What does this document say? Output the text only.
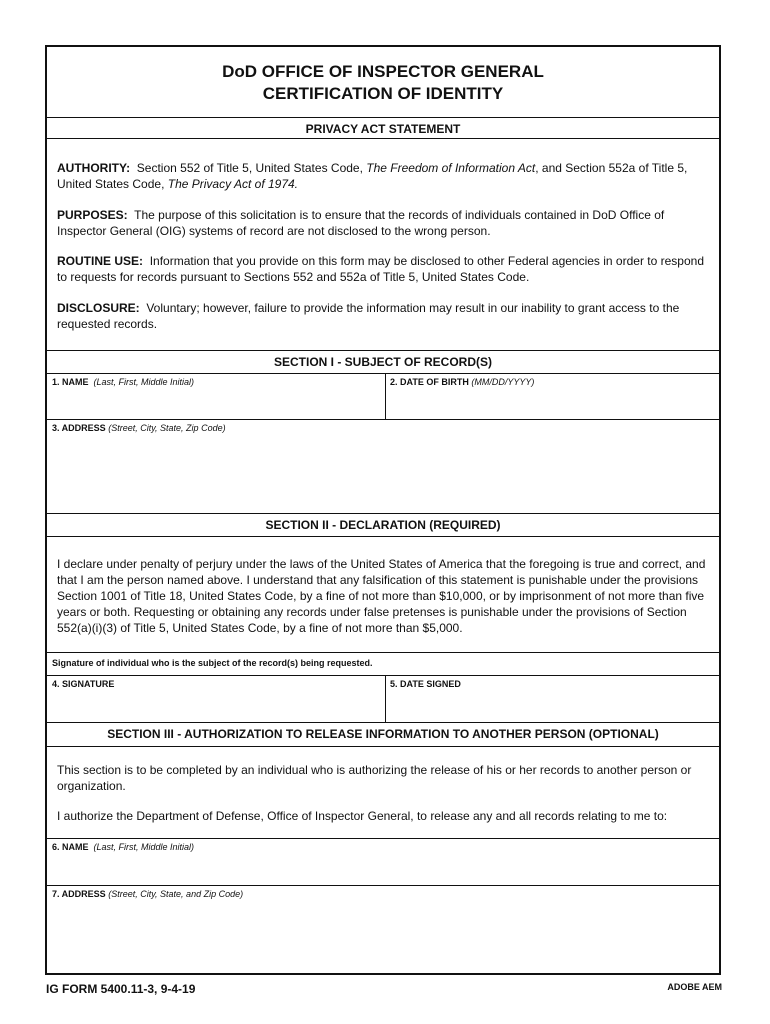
DoD OFFICE OF INSPECTOR GENERAL
CERTIFICATION OF IDENTITY
PRIVACY ACT STATEMENT
AUTHORITY: Section 552 of Title 5, United States Code, The Freedom of Information Act, and Section 552a of Title 5, United States Code, The Privacy Act of 1974.
PURPOSES: The purpose of this solicitation is to ensure that the records of individuals contained in DoD Office of Inspector General (OIG) systems of record are not disclosed to the wrong person.
ROUTINE USE: Information that you provide on this form may be disclosed to other Federal agencies in order to respond to requests for records pursuant to Sections 552 and 552a of Title 5, United States Code.
DISCLOSURE: Voluntary; however, failure to provide the information may result in our inability to grant access to the requested records.
SECTION I - SUBJECT OF RECORD(S)
1. NAME (Last, First, Middle Initial)	2. DATE OF BIRTH (MM/DD/YYYY)
3. ADDRESS (Street, City, State, Zip Code)
SECTION II - DECLARATION (REQUIRED)
I declare under penalty of perjury under the laws of the United States of America that the foregoing is true and correct, and that I am the person named above. I understand that any falsification of this statement is punishable under the provisions Section 1001 of Title 18, United States Code, by a fine of not more than $10,000, or by imprisonment of not more than five years or both. Requesting or obtaining any records under false pretenses is punishable under the provisions of Section 552(a)(i)(3) of Title 5, United States Code, by a fine of not more than $5,000.
Signature of individual who is the subject of the record(s) being requested.
4. SIGNATURE	5. DATE SIGNED
SECTION III - AUTHORIZATION TO RELEASE INFORMATION TO ANOTHER PERSON (OPTIONAL)
This section is to be completed by an individual who is authorizing the release of his or her records to another person or organization.
I authorize the Department of Defense, Office of Inspector General, to release any and all records relating to me to:
6. NAME (Last, First, Middle Initial)
7. ADDRESS (Street, City, State, and Zip Code)
IG FORM 5400.11-3, 9-4-19	ADOBE AEM
